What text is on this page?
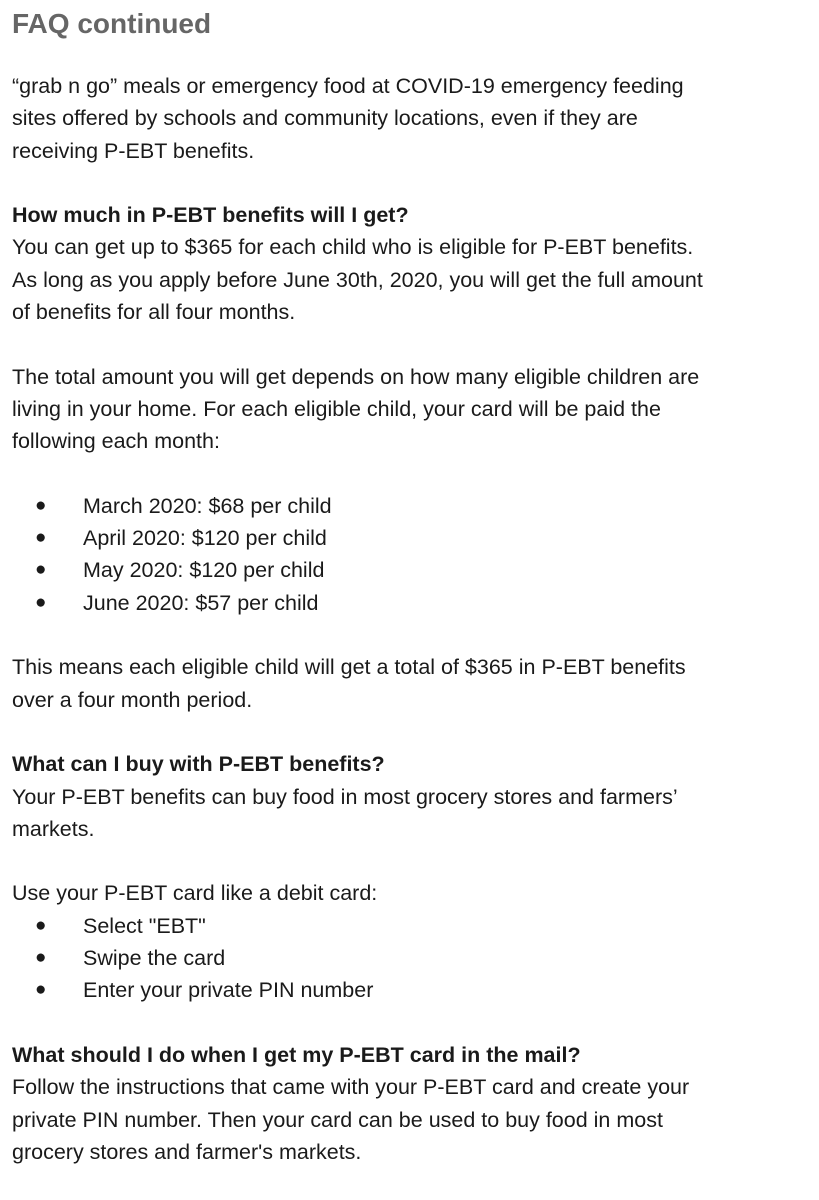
FAQ continued
“grab n go” meals or emergency food at COVID-19 emergency feeding
sites offered by schools and community locations, even if they are
receiving P-EBT benefits.
How much in P-EBT benefits will I get?
You can get up to $365 for each child who is eligible for P-EBT benefits.
As long as you apply before June 30th, 2020, you will get the full amount
of benefits for all four months.
The total amount you will get depends on how many eligible children are
living in your home. For each eligible child, your card will be paid the
following each month:
● March 2020: $68 per child
● April 2020: $120 per child
● May 2020: $120 per child
● June 2020: $57 per child
This means each eligible child will get a total of $365 in P-EBT benefits
over a four month period.
What can I buy with P-EBT benefits?
Your P-EBT benefits can buy food in most grocery stores and farmers’
markets.
Use your P-EBT card like a debit card:
● Select "EBT"
● Swipe the card
● Enter your private PIN number
What should I do when I get my P-EBT card in the mail?
Follow the instructions that came with your P-EBT card and create your
private PIN number. Then your card can be used to buy food in most
grocery stores and farmer's markets.
